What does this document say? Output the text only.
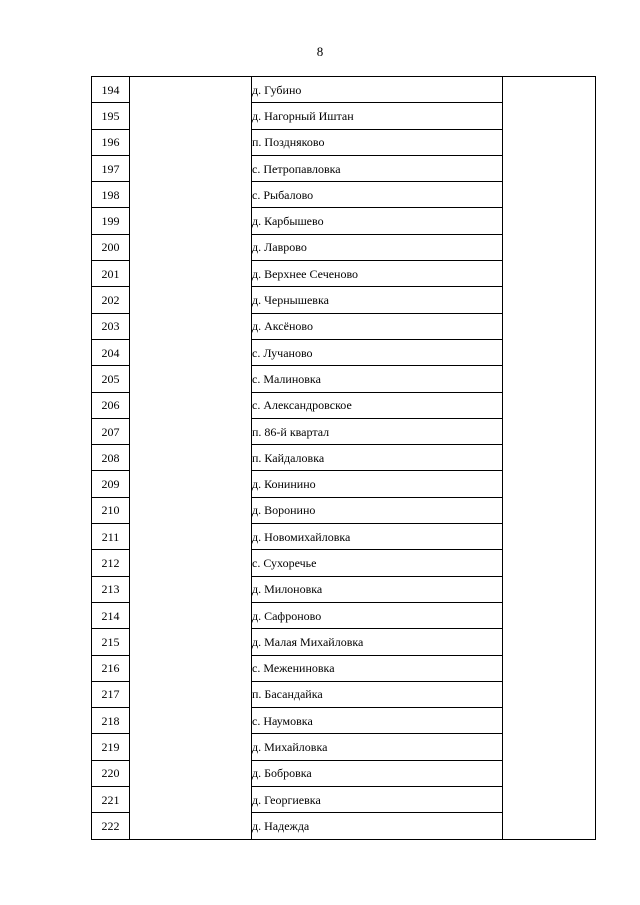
8
194		д. Губино	
195		д. Нагорный Иштан	
196		п. Поздняково	
197		с. Петропавловка	
198		с. Рыбалово	
199		д. Карбышево	
200		д. Лаврово	
201		д. Верхнее Сеченово	
202		д. Чернышевка	
203		д. Аксёново	
204		с. Лучаново	
205		с. Малиновка	
206		с. Александровское	
207		п. 86-й квартал	
208		п. Кайдаловка	
209		д. Конинино	
210		д. Воронино	
211		д. Новомихайловка	
212		с. Сухоречье	
213		д. Милоновка	
214		д. Сафроново	
215		д. Малая Михайловка	
216		с. Межениновка	
217		п. Басандайка	
218		с. Наумовка	
219		д. Михайловка	
220		д. Бобровка	
221		д. Георгиевка	
222		д. Надежда	
